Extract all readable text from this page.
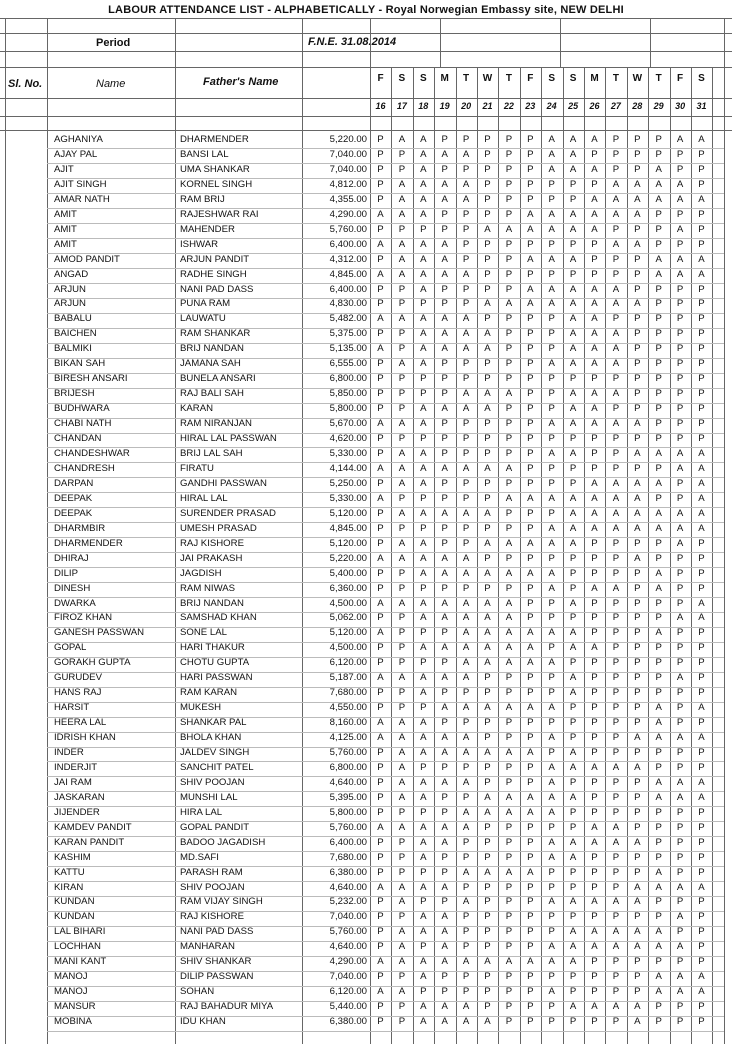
LABOUR ATTENDANCE LIST - ALPHABETICALLY - Royal Norwegian Embassy site, NEW DELHI
Period	F.N.E. 31.08.2014
Sl. No.	Name	Father's Name	F	S	S	M	T	W	T	F	S	S	M	T	W	T	F	S
16	17	18	19	20	21	22	23	24	25	26	27	28	29	30	31
AGHANIYA	DHARMENDER	5,220.00	P	A	A	P	P	P	P	P	A	A	A	P	P	P	A	A
AJAY PAL	BANSI LAL	7,040.00	P	P	A	A	A	P	P	P	A	A	P	P	P	P	P	P
AJIT	UMA SHANKAR	7,040.00	P	P	A	P	P	P	P	P	A	A	A	P	P	A	P	P
AJIT SINGH	KORNEL SINGH	4,812.00	P	A	A	A	A	P	P	P	P	P	P	A	A	A	A	P
AMAR NATH	RAM BRIJ	4,355.00	P	A	A	A	A	P	P	P	P	P	A	A	A	A	A	A
AMIT	RAJESHWAR RAI	4,290.00	A	A	A	P	P	P	P	A	A	A	A	A	A	P	P	P
AMIT	MAHENDER	5,760.00	P	P	P	P	P	A	A	A	A	A	A	P	P	P	A	P
AMIT	ISHWAR	6,400.00	A	A	A	A	P	P	P	P	P	P	P	A	A	P	P	P
AMOD PANDIT	ARJUN PANDIT	4,312.00	P	A	A	A	P	P	P	A	A	A	P	P	P	A	A	A
ANGAD	RADHE SINGH	4,845.00	A	A	A	A	A	P	P	P	P	P	P	P	P	A	A	A
ARJUN	NANI PAD DASS	6,400.00	P	P	A	P	P	P	P	A	A	A	A	A	P	P	P	P
ARJUN	PUNA RAM	4,830.00	P	P	P	P	P	A	A	A	A	A	A	A	A	P	P	P
BABALU	LAUWATU	5,482.00	A	A	A	A	A	P	P	P	P	A	A	P	P	P	P	P
BAICHEN	RAM SHANKAR	5,375.00	P	P	A	A	A	A	P	P	P	A	A	A	P	P	P	P
BALMIKI	BRIJ NANDAN	5,135.00	A	P	A	A	A	A	P	P	P	A	A	A	P	P	P	P
BIKAN SAH	JAMANA SAH	6,555.00	P	A	A	P	P	P	P	P	A	A	A	A	P	P	P	P
BIRESH ANSARI	BUNELA ANSARI	6,800.00	P	P	P	P	P	P	P	P	P	P	P	P	P	P	P	P
BRIJESH	RAJ BALI SAH	5,850.00	P	P	P	P	A	A	A	P	P	A	A	A	P	P	P	P
BUDHWARA	KARAN	5,800.00	P	P	A	A	A	A	P	P	P	A	A	P	P	P	P	P
CHABI NATH	RAM NIRANJAN	5,670.00	A	A	A	P	P	P	P	P	A	A	A	A	A	P	P	P
CHANDAN	HIRAL LAL PASSWAN	4,620.00	P	P	P	P	P	P	P	P	P	P	P	P	P	P	P	P
CHANDESHWAR	BRIJ LAL SAH	5,330.00	P	A	A	P	P	P	P	P	A	A	P	P	A	A	A	A
CHANDRESH	FIRATU	4,144.00	A	A	A	A	A	A	A	P	P	P	P	P	P	P	A	A
DARPAN	GANDHI PASSWAN	5,250.00	P	A	A	P	P	P	P	P	P	P	A	A	A	A	P	A
DEEPAK	HIRAL LAL	5,330.00	A	P	P	P	P	P	A	A	A	A	A	A	A	P	P	A
DEEPAK	SURENDER PRASAD	5,120.00	P	A	A	A	A	A	P	P	P	A	A	A	A	A	A	A
DHARMBIR	UMESH PRASAD	4,845.00	P	P	P	P	P	P	P	P	A	A	A	A	A	A	A	A
DHARMENDER	RAJ KISHORE	5,120.00	P	A	A	P	P	A	A	A	A	A	P	P	P	P	A	P
DHIRAJ	JAI PRAKASH	5,220.00	A	A	A	A	A	P	P	P	P	P	P	P	A	P	P	P
DILIP	JAGDISH	5,400.00	P	P	A	A	A	A	A	A	A	P	P	P	P	A	P	P
DINESH	RAM NIWAS	6,360.00	P	P	P	P	P	P	P	P	A	P	A	A	P	A	P	P
DWARKA	BRIJ NANDAN	4,500.00	A	A	A	A	A	A	A	P	P	A	P	P	P	P	P	A
FIROZ KHAN	SAMSHAD KHAN	5,062.00	P	P	A	A	A	A	A	P	P	P	P	P	P	P	A	A
GANESH PASSWAN	SONE LAL	5,120.00	A	P	P	P	A	A	A	A	A	A	P	P	P	A	P	P
GOPAL	HARI THAKUR	4,500.00	P	P	A	A	A	A	A	A	P	A	A	P	P	P	P	P
GORAKH GUPTA	CHOTU GUPTA	6,120.00	P	P	P	P	A	A	A	A	A	P	P	P	P	P	P	P
GURUDEV	HARI PASSWAN	5,187.00	A	A	A	A	A	P	P	P	P	A	P	P	P	P	A	P
HANS RAJ	RAM KARAN	7,680.00	P	P	A	P	P	P	P	P	P	A	P	P	P	P	P	P
HARSIT	MUKESH	4,550.00	P	P	P	A	A	A	A	A	A	P	P	P	P	A	P	A
HEERA LAL	SHANKAR PAL	8,160.00	A	A	A	P	P	P	P	P	P	P	P	P	P	A	P	P
IDRISH KHAN	BHOLA KHAN	4,125.00	A	A	A	A	A	P	P	P	A	P	P	P	A	A	A	A
INDER	JALDEV SINGH	5,760.00	P	A	A	A	A	A	A	A	P	A	P	P	P	P	P	P
INDERJIT	SANCHIT PATEL	6,800.00	P	A	P	P	P	P	P	P	A	A	A	A	A	P	P	P
JAI RAM	SHIV POOJAN	4,640.00	P	A	A	A	A	P	P	P	A	P	P	P	P	A	A	A
JASKARAN	MUNSHI LAL	5,395.00	P	A	A	P	P	A	A	A	A	A	P	P	P	A	A	A
JIJENDER	HIRA LAL	5,800.00	P	P	P	P	A	A	A	A	A	P	P	P	P	P	P	P
KAMDEV PANDIT	GOPAL PANDIT	5,760.00	A	A	A	A	A	P	P	P	P	P	A	A	P	P	P	P
KARAN PANDIT	BADOO JAGADISH	6,400.00	P	P	A	A	P	P	P	P	A	A	A	A	A	P	P	P
KASHIM	MD.SAFI	7,680.00	P	P	A	P	P	P	P	P	A	A	P	P	P	P	P	P
KATTU	PARASH RAM	6,380.00	P	P	P	P	A	A	A	A	P	P	P	P	P	A	P	P
KIRAN	SHIV POOJAN	4,640.00	A	A	A	A	P	P	P	P	P	P	P	P	A	A	A	A
KUNDAN	RAM VIJAY SINGH	5,232.00	P	A	P	P	A	P	P	P	A	A	A	A	A	P	P	P
KUNDAN	RAJ KISHORE	7,040.00	P	P	A	A	P	P	P	P	P	P	P	P	P	P	A	P
LAL BIHARI	NANI PAD DASS	5,760.00	P	A	A	A	P	P	P	P	P	A	A	A	A	A	P	P
LOCHHAN	MANHARAN	4,640.00	P	A	P	A	P	P	P	P	A	A	A	A	A	A	A	P
MANI KANT	SHIV SHANKAR	4,290.00	A	A	A	A	A	A	A	A	A	A	P	P	P	P	P	P
MANOJ	DILIP PASSWAN	7,040.00	P	P	A	P	P	P	P	P	P	P	P	P	P	A	A	A
MANOJ	SOHAN	6,120.00	A	A	P	P	P	P	P	P	A	P	P	P	P	A	A	A
MANSUR	RAJ BAHADUR MIYA	5,440.00	P	P	A	A	A	P	P	P	P	A	A	A	A	P	P	P
MOBINA	IDU KHAN	6,380.00	P	P	A	A	A	A	P	P	P	P	P	P	A	P	P	P
